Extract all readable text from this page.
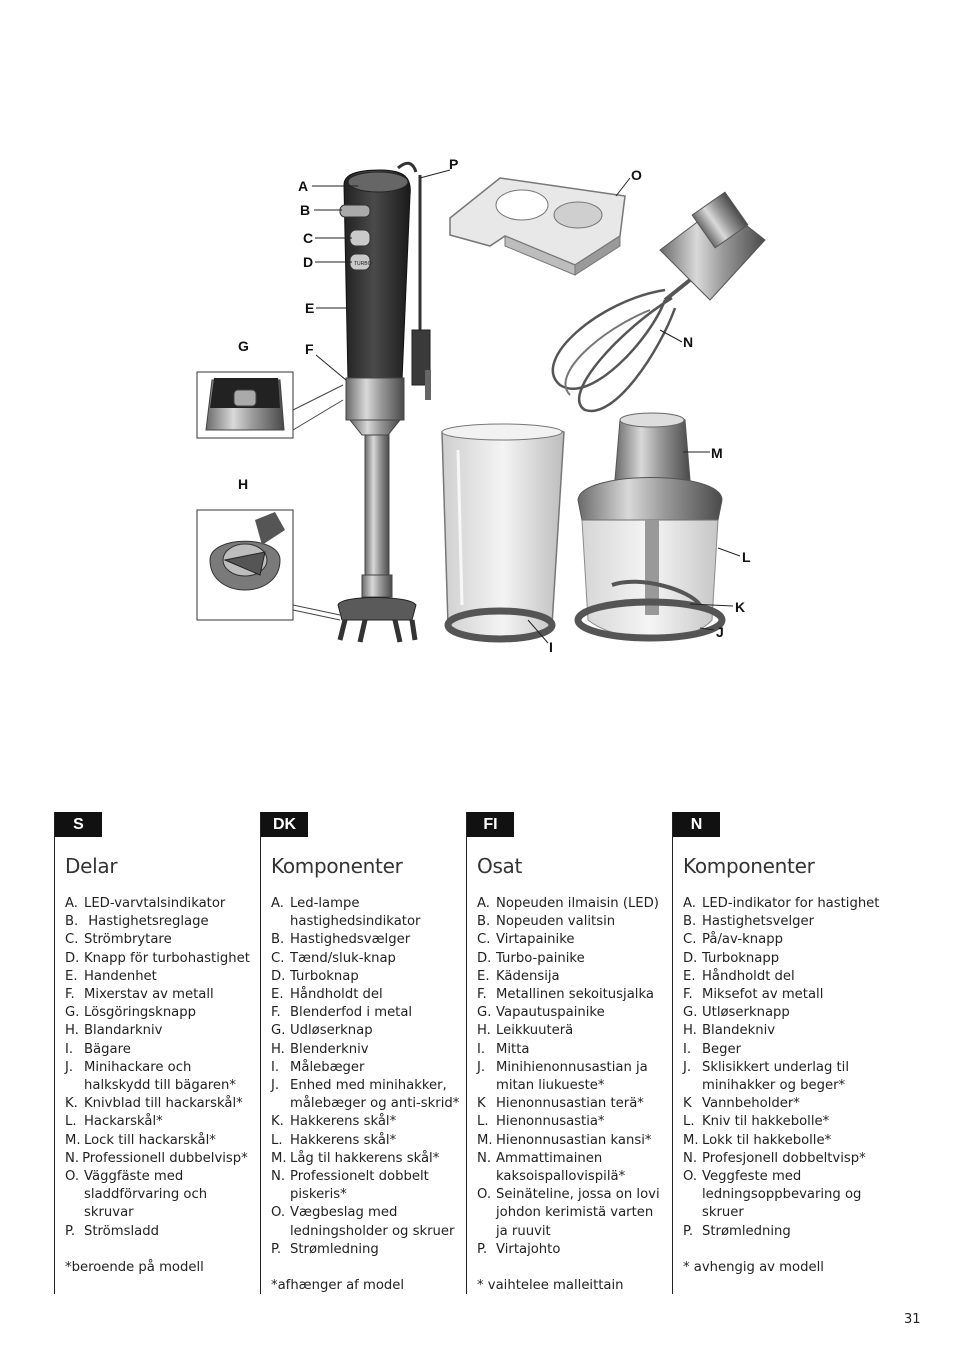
TURBO
A
B
C
D
E
F
G
H
I
J
K
L
M
N
O
P
S
Delar
A. LED-varvtalsindikator
B. Hastighetsreglage
C. Strömbrytare
D. Knapp för turbohastighet
E. Handenhet
F. Mixerstav av metall
G. Lösgöringsknapp
H. Blandarkniv
I. Bägare
J. Minihackare och halkskydd till bägaren*
K. Knivblad till hackarskål*
L. Hackarskål*
M. Lock till hackarskål*
N. Professionell dubbelvisp*
O. Väggfäste med sladdförvaring och skruvar
P. Strömsladd
*beroende på modell
DK
Komponenter
A. Led-lampe hastighedsindikator
B. Hastighedsvælger
C. Tænd/sluk-knap
D. Turboknap
E. Håndholdt del
F. Blenderfod i metal
G. Udløserknap
H. Blenderkniv
I. Målebæger
J. Enhed med minihakker, målebæger og anti-skrid*
K. Hakkerens skål*
L. Hakkerens skål*
M. Låg til hakkerens skål*
N. Professionelt dobbelt piskeris*
O. Vægbeslag med ledningsholder og skruer
P. Strømledning
*afhænger af model
FI
Osat
A. Nopeuden ilmaisin (LED)
B. Nopeuden valitsin
C. Virtapainike
D. Turbo-painike
E. Kädensija
F. Metallinen sekoitusjalka
G. Vapautuspainike
H. Leikkuuterä
I. Mitta
J. Minihienonnusastian ja mitan liukueste*
K Hienonnusastian terä*
L. Hienonnusastia*
M. Hienonnusastian kansi*
N. Ammattimainen kaksoispallovispilä*
O. Seinäteline, jossa on lovi johdon kerimistä varten ja ruuvit
P. Virtajohto
* vaihtelee malleittain
N
Komponenter
A. LED-indikator for hastighet
B. Hastighetsvelger
C. På/av-knapp
D. Turboknapp
E. Håndholdt del
F. Miksefot av metall
G. Utløserknapp
H. Blandekniv
I. Beger
J. Sklisikkert underlag til minihakker og beger*
K Vannbeholder*
L. Kniv til hakkebolle*
M. Lokk til hakkebolle*
N. Profesjonell dobbeltvisp*
O. Veggfeste med ledningsoppbevaring og skruer
P. Strømledning
* avhengig av modell
31
